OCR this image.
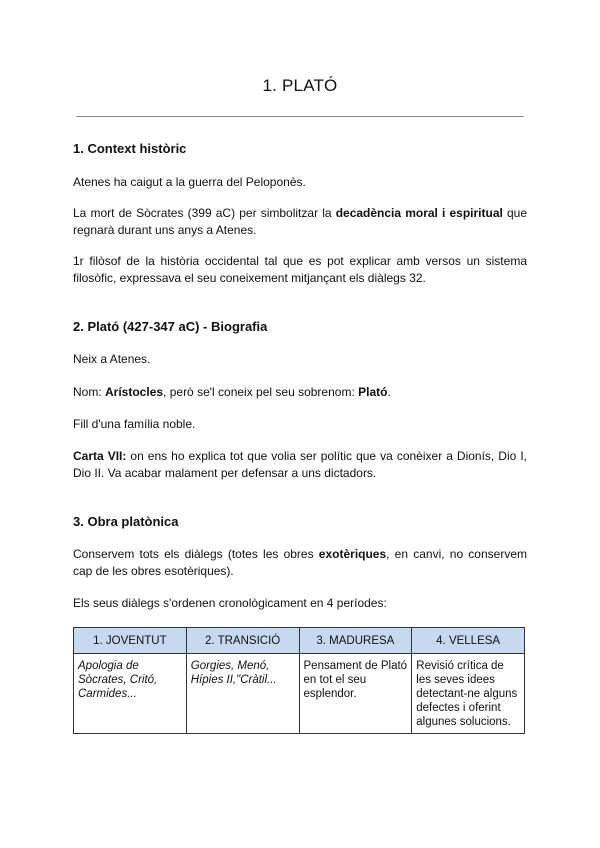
1. PLATÓ
1. Context històric

Atenes ha caigut a la guerra del Peloponès.

La mort de Sòcrates (399 aC) per simbolitzar la decadència moral i espiritual que regnarà durant uns anys a Atenes.

1r filòsof de la història occidental tal que es pot explicar amb versos un sistema filosòfic, expressava el seu coneixement mitjançant els diàlegs 32.

2. Plató (427-347 aC) - Biografia

Neix a Atenes.

Nom: Arístocles, però se'l coneix pel seu sobrenom: Plató.

Fill d'una família noble.

Carta VII: on ens ho explica tot que volia ser polític que va conèixer a Dionís, Dio I, Dio II. Va acabar malament per defensar a uns dictadors.

3. Obra platònica

Conservem tots els diàlegs (totes les obres exotèriques, en canvi, no conservem cap de les obres esotèriques).

Els seus diàlegs s'ordenen cronològicament en 4 períodes:

1. JOVENTUT	2. TRANSICIÓ	3. MADURESA	4. VELLESA
Apologia de Sòcrates, Critó, Carmides...	Gorgies, Menó, Hípies II,"Cràtil...	Pensament de Plató en tot el seu esplendor.	Revisió crítica de les seves idees detectant-ne alguns defectes i oferint algunes solucions.
